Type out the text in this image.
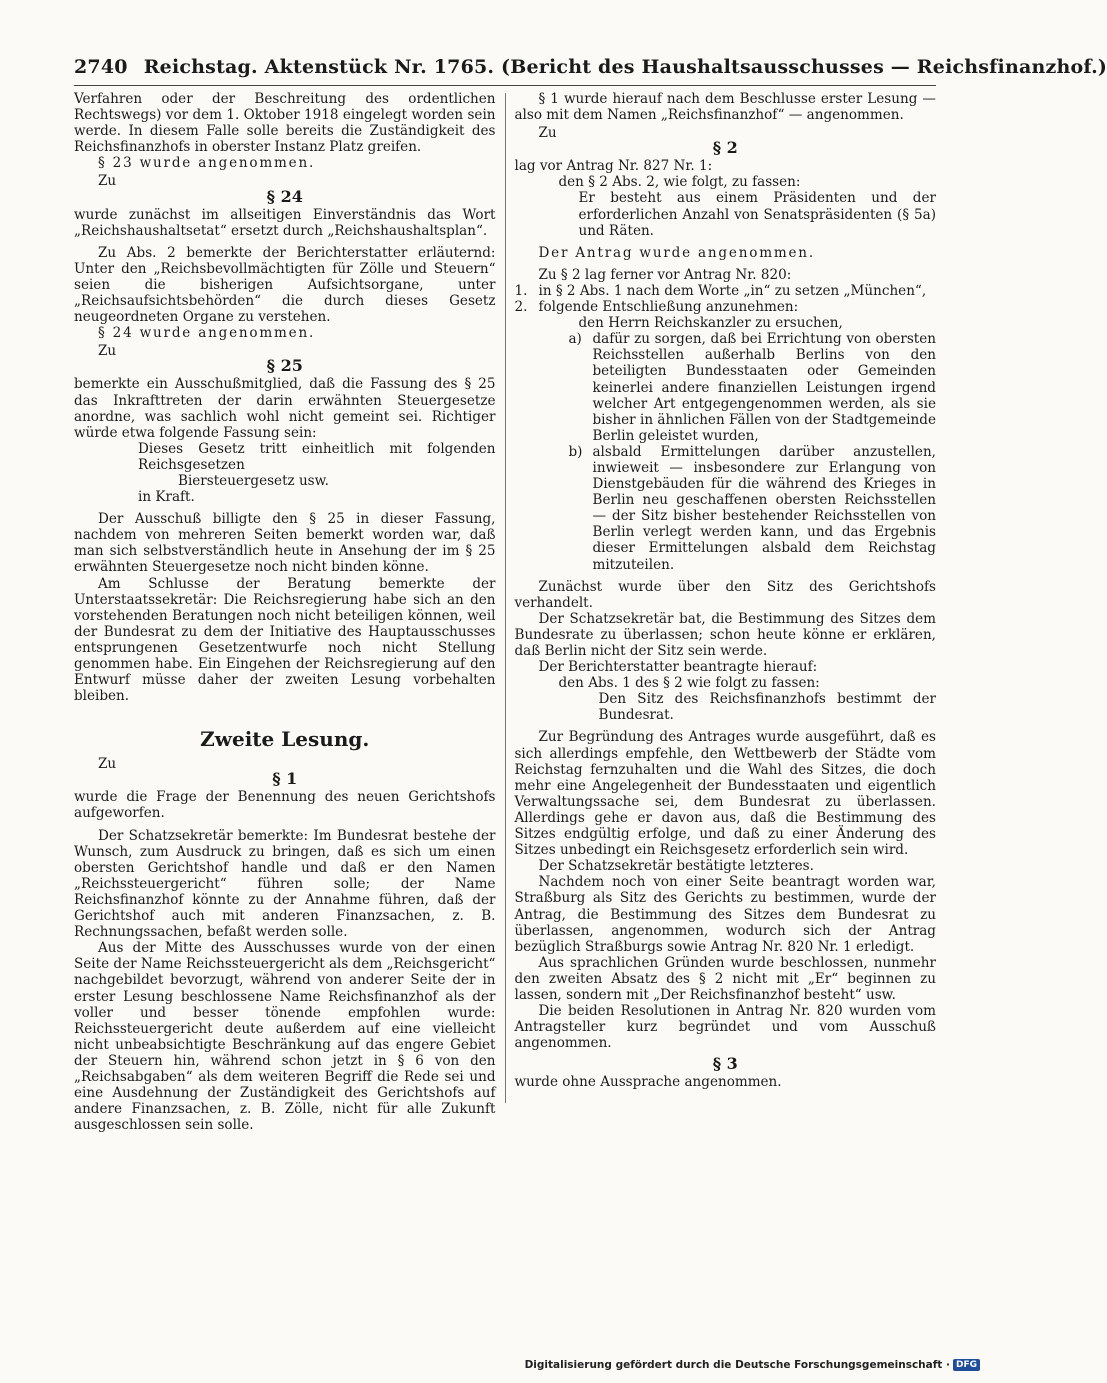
2740 Reichstag. Aktenstück Nr. 1765. (Bericht des Haushaltsausschusses — Reichsfinanzhof.)

Verfahren oder der Beschreitung des ordentlichen Rechtswegs) vor dem 1. Oktober 1918 eingelegt worden sein werde. In diesem Falle solle bereits die Zuständigkeit des Reichsfinanzhofs in oberster Instanz Platz greifen.

§ 23 wurde angenommen.

Zu
§ 24

wurde zunächst im allseitigen Einverständnis das Wort „Reichshaushaltsetat“ ersetzt durch „Reichshaushaltsplan“.

Zu Abs. 2 bemerkte der Berichterstatter erläuternd: Unter den „Reichsbevollmächtigten für Zölle und Steuern“ seien die bisherigen Aufsichtsorgane, unter „Reichsaufsichtsbehörden“ die durch dieses Gesetz neugeordneten Organe zu verstehen.

§ 24 wurde angenommen.

Zu
§ 25

bemerkte ein Ausschußmitglied, daß die Fassung des § 25 das Inkrafttreten der darin erwähnten Steuergesetze anordne, was sachlich wohl nicht gemeint sei. Richtiger würde etwa folgende Fassung sein:

Dieses Gesetz tritt einheitlich mit folgenden Reichsgesetzen

Biersteuergesetz usw.

in Kraft.

Der Ausschuß billigte den § 25 in dieser Fassung, nachdem von mehreren Seiten bemerkt worden war, daß man sich selbstverständlich heute in Ansehung der im § 25 erwähnten Steuergesetze noch nicht binden könne.

Am Schlusse der Beratung bemerkte der Unterstaatssekretär: Die Reichsregierung habe sich an den vorstehenden Beratungen noch nicht beteiligen können, weil der Bundesrat zu dem der Initiative des Hauptausschusses entsprungenen Gesetzentwurfe noch nicht Stellung genommen habe. Ein Eingehen der Reichsregierung auf den Entwurf müsse daher der zweiten Lesung vorbehalten bleiben.

Zweite Lesung.
Zu
§ 1

wurde die Frage der Benennung des neuen Gerichtshofs aufgeworfen.

Der Schatzsekretär bemerkte: Im Bundesrat bestehe der Wunsch, zum Ausdruck zu bringen, daß es sich um einen obersten Gerichtshof handle und daß er den Namen „Reichssteuergericht“ führen solle; der Name Reichsfinanzhof könnte zu der Annahme führen, daß der Gerichtshof auch mit anderen Finanzsachen, z. B. Rechnungssachen, befaßt werden solle.

Aus der Mitte des Ausschusses wurde von der einen Seite der Name Reichssteuergericht als dem „Reichsgericht“ nachgebildet bevorzugt, während von anderer Seite der in erster Lesung beschlossene Name Reichsfinanzhof als der voller und besser tönende empfohlen wurde: Reichssteuergericht deute außerdem auf eine vielleicht nicht unbeabsichtigte Beschränkung auf das engere Gebiet der Steuern hin, während schon jetzt in § 6 von den „Reichsabgaben“ als dem weiteren Begriff die Rede sei und eine Ausdehnung der Zuständigkeit des Gerichtshofs auf andere Finanzsachen, z. B. Zölle, nicht für alle Zukunft ausgeschlossen sein solle.

§ 1 wurde hierauf nach dem Beschlusse erster Lesung — also mit dem Namen „Reichsfinanzhof“ — angenommen.

Zu
§ 2

lag vor Antrag Nr. 827 Nr. 1:

den § 2 Abs. 2, wie folgt, zu fassen:

Er besteht aus einem Präsidenten und der erforderlichen Anzahl von Senatspräsidenten (§ 5a) und Räten.

Der Antrag wurde angenommen.

Zu § 2 lag ferner vor Antrag Nr. 820:

1. in § 2 Abs. 1 nach dem Worte „in“ zu setzen „München“,

2. folgende Entschließung anzunehmen:

den Herrn Reichskanzler zu ersuchen,

a) dafür zu sorgen, daß bei Errichtung von obersten Reichsstellen außerhalb Berlins von den beteiligten Bundesstaaten oder Gemeinden keinerlei andere finanziellen Leistungen irgend welcher Art entgegengenommen werden, als sie bisher in ähnlichen Fällen von der Stadtgemeinde Berlin geleistet wurden,

b) alsbald Ermittelungen darüber anzustellen, inwieweit — insbesondere zur Erlangung von Dienstgebäuden für die während des Krieges in Berlin neu geschaffenen obersten Reichsstellen — der Sitz bisher bestehender Reichsstellen von Berlin verlegt werden kann, und das Ergebnis dieser Ermittelungen alsbald dem Reichstag mitzuteilen.

Zunächst wurde über den Sitz des Gerichtshofs verhandelt.

Der Schatzsekretär bat, die Bestimmung des Sitzes dem Bundesrate zu überlassen; schon heute könne er erklären, daß Berlin nicht der Sitz sein werde.

Der Berichterstatter beantragte hierauf:

den Abs. 1 des § 2 wie folgt zu fassen:

Den Sitz des Reichsfinanzhofs bestimmt der Bundesrat.

Zur Begründung des Antrages wurde ausgeführt, daß es sich allerdings empfehle, den Wettbewerb der Städte vom Reichstag fernzuhalten und die Wahl des Sitzes, die doch mehr eine Angelegenheit der Bundesstaaten und eigentlich Verwaltungssache sei, dem Bundesrat zu überlassen. Allerdings gehe er davon aus, daß die Bestimmung des Sitzes endgültig erfolge, und daß zu einer Änderung des Sitzes unbedingt ein Reichsgesetz erforderlich sein wird.

Der Schatzsekretär bestätigte letzteres.

Nachdem noch von einer Seite beantragt worden war, Straßburg als Sitz des Gerichts zu bestimmen, wurde der Antrag, die Bestimmung des Sitzes dem Bundesrat zu überlassen, angenommen, wodurch sich der Antrag bezüglich Straßburgs sowie Antrag Nr. 820 Nr. 1 erledigt.

Aus sprachlichen Gründen wurde beschlossen, nunmehr den zweiten Absatz des § 2 nicht mit „Er“ beginnen zu lassen, sondern mit „Der Reichsfinanzhof besteht“ usw.

Die beiden Resolutionen in Antrag Nr. 820 wurden vom Antragsteller kurz begründet und vom Ausschuß angenommen.

§ 3

wurde ohne Aussprache angenommen.

Digitalisierung gefördert durch die Deutsche Forschungsgemeinschaft · DFG
